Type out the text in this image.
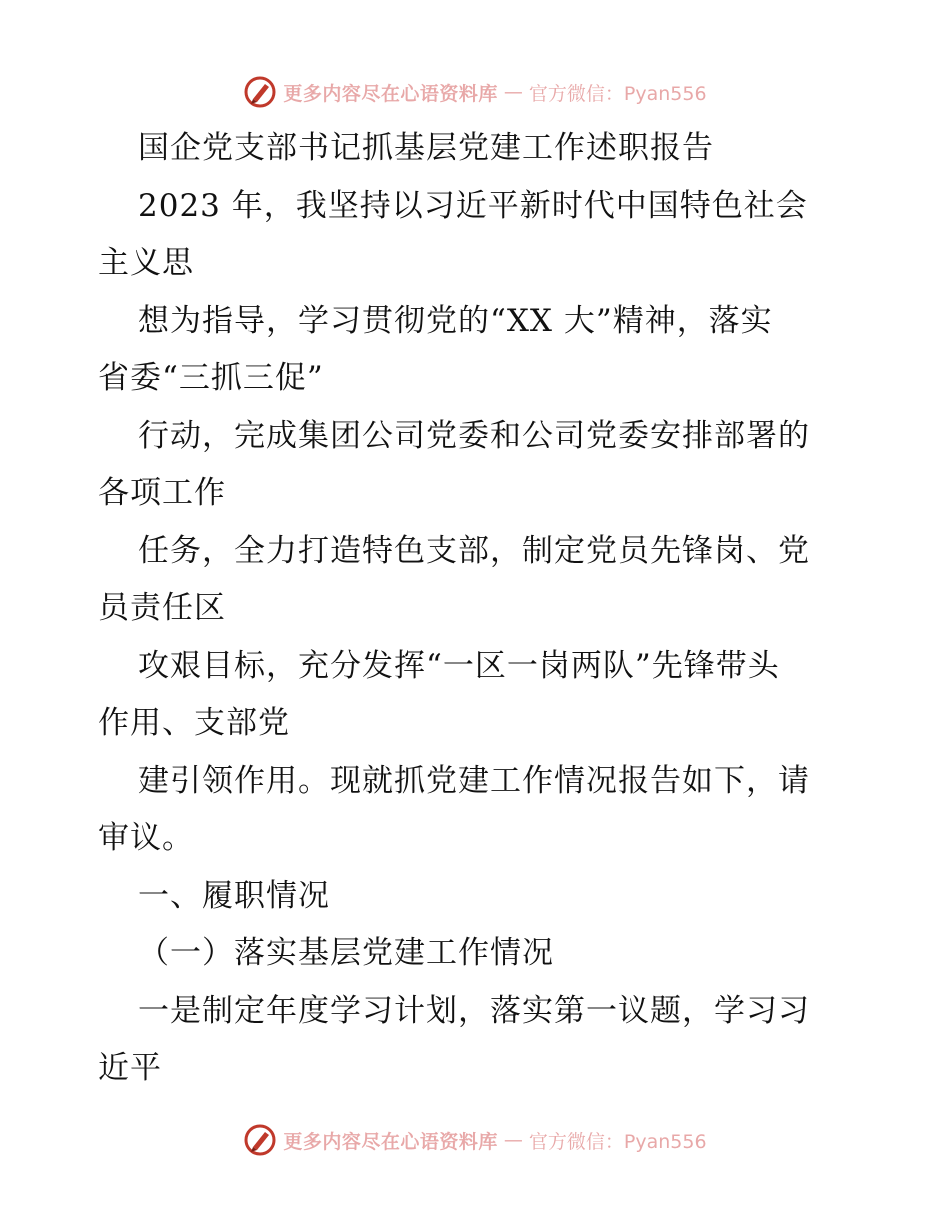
更多内容尽在心语资料库 — 官方微信：Pyan556
国企党支部书记抓基层党建工作述职报告
2023 年，我坚持以习近平新时代中国特色社会
主义思
想为指导，学习贯彻党的“XX 大”精神，落实
省委“三抓三促”
行动，完成集团公司党委和公司党委安排部署的
各项工作
任务，全力打造特色支部，制定党员先锋岗、党
员责任区
攻艰目标，充分发挥“一区一岗两队”先锋带头
作用、支部党
建引领作用。现就抓党建工作情况报告如下，请
审议。
一、履职情况
（一）落实基层党建工作情况
一是制定年度学习计划，落实第一议题，学习习
近平
更多内容尽在心语资料库 — 官方微信：Pyan556
